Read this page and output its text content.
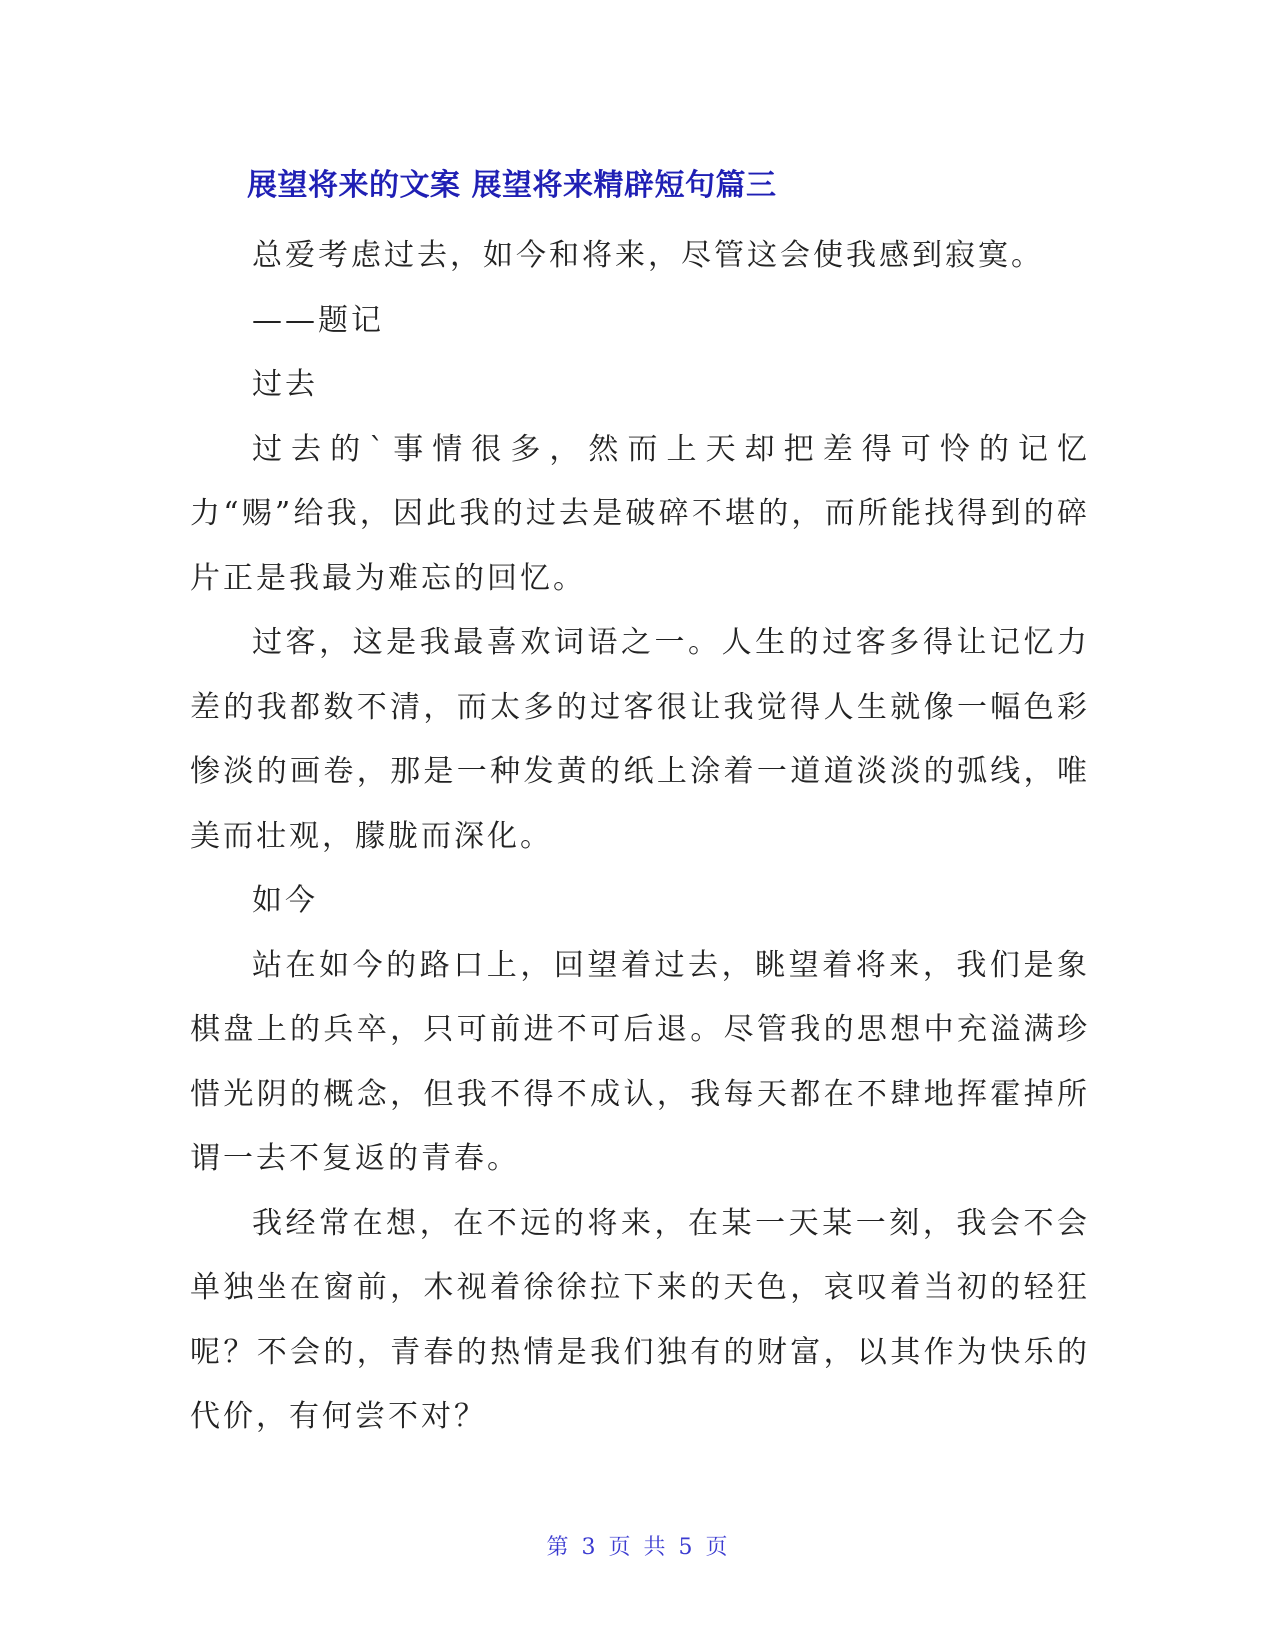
展望将来的文案 展望将来精辟短句篇三

总爱考虑过去，如今和将来，尽管这会使我感到寂寞。

——题记

过去

过去的`事情很多，然而上天却把差得可怜的记忆力“赐”给我，因此我的过去是破碎不堪的，而所能找得到的碎片正是我最为难忘的回忆。

过客，这是我最喜欢词语之一。人生的过客多得让记忆力差的我都数不清，而太多的过客很让我觉得人生就像一幅色彩惨淡的画卷，那是一种发黄的纸上涂着一道道淡淡的弧线，唯美而壮观，朦胧而深化。

如今

站在如今的路口上，回望着过去，眺望着将来，我们是象棋盘上的兵卒，只可前进不可后退。尽管我的思想中充溢满珍惜光阴的概念，但我不得不成认，我每天都在不肆地挥霍掉所谓一去不复返的青春。

我经常在想，在不远的将来，在某一天某一刻，我会不会单独坐在窗前，木视着徐徐拉下来的天色，哀叹着当初的轻狂呢？不会的，青春的热情是我们独有的财富，以其作为快乐的代价，有何尝不对？

第 3 页 共 5 页
